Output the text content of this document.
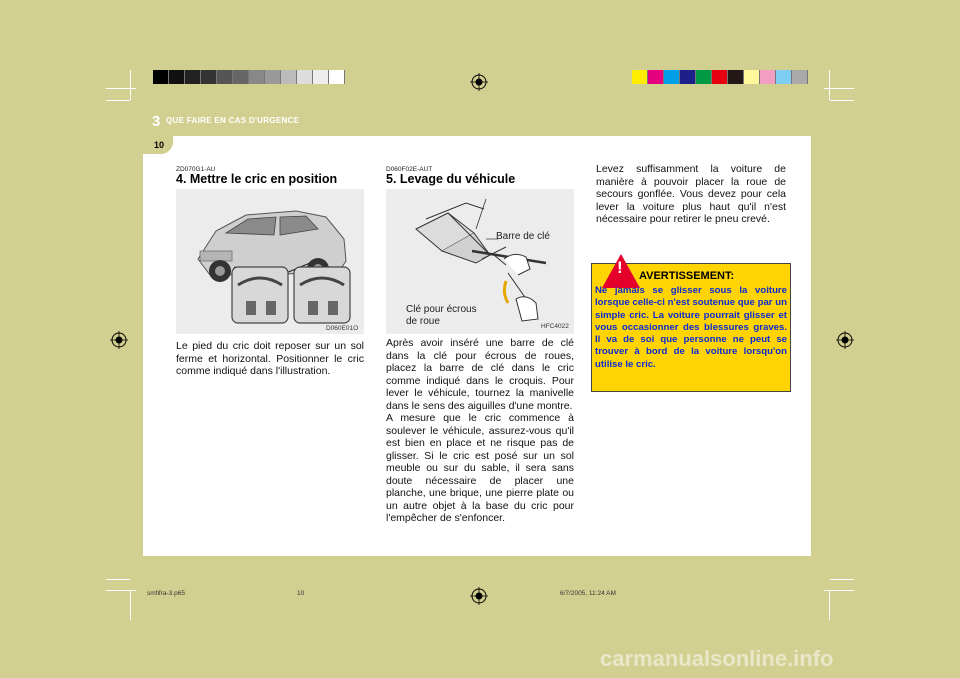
3 QUE FAIRE EN CAS D'URGENCE
10
ZD070G1-AU
4. Mettre le cric en position
D060E01O
Le pied du cric doit reposer sur un sol ferme et horizontal. Positionner le cric comme indiqué dans l'illustration.
D060F02E-AUT
5. Levage du véhicule
Barre de clé
Clé pour écrous
de roue	HFC4022
Après avoir inséré une barre de clé dans la clé pour écrous de roues, placez la barre de clé dans le cric comme indiqué dans le croquis. Pour lever le véhicule, tournez la manivelle dans le sens des aiguilles d'une montre.
A mesure que le cric commence à soulever le véhicule, assurez-vous qu'il est bien en place et ne risque pas de glisser. Si le cric est posé sur un sol meuble ou sur du sable, il sera sans doute nécessaire de placer une planche, une brique, une pierre plate ou un autre objet à la base du cric pour l'empêcher de s'enfoncer.
Levez suffisamment la voiture de manière à pouvoir placer la roue de secours gonflée. Vous devez pour cela lever la voiture plus haut qu'il n'est nécessaire pour retirer le pneu crevé.
! AVERTISSEMENT:
Ne jamais se glisser sous la voiture lorsque celle-ci n'est soutenue que par un simple cric. La voiture pourrait glisser et vous occasionner des blessures graves. Il va de soi que personne ne peut se trouver à bord de la voiture lorsqu'on utilise le cric.
smfifra-3.p65	10	6/7/2005, 11:24 AM
carmanualsonline.info
